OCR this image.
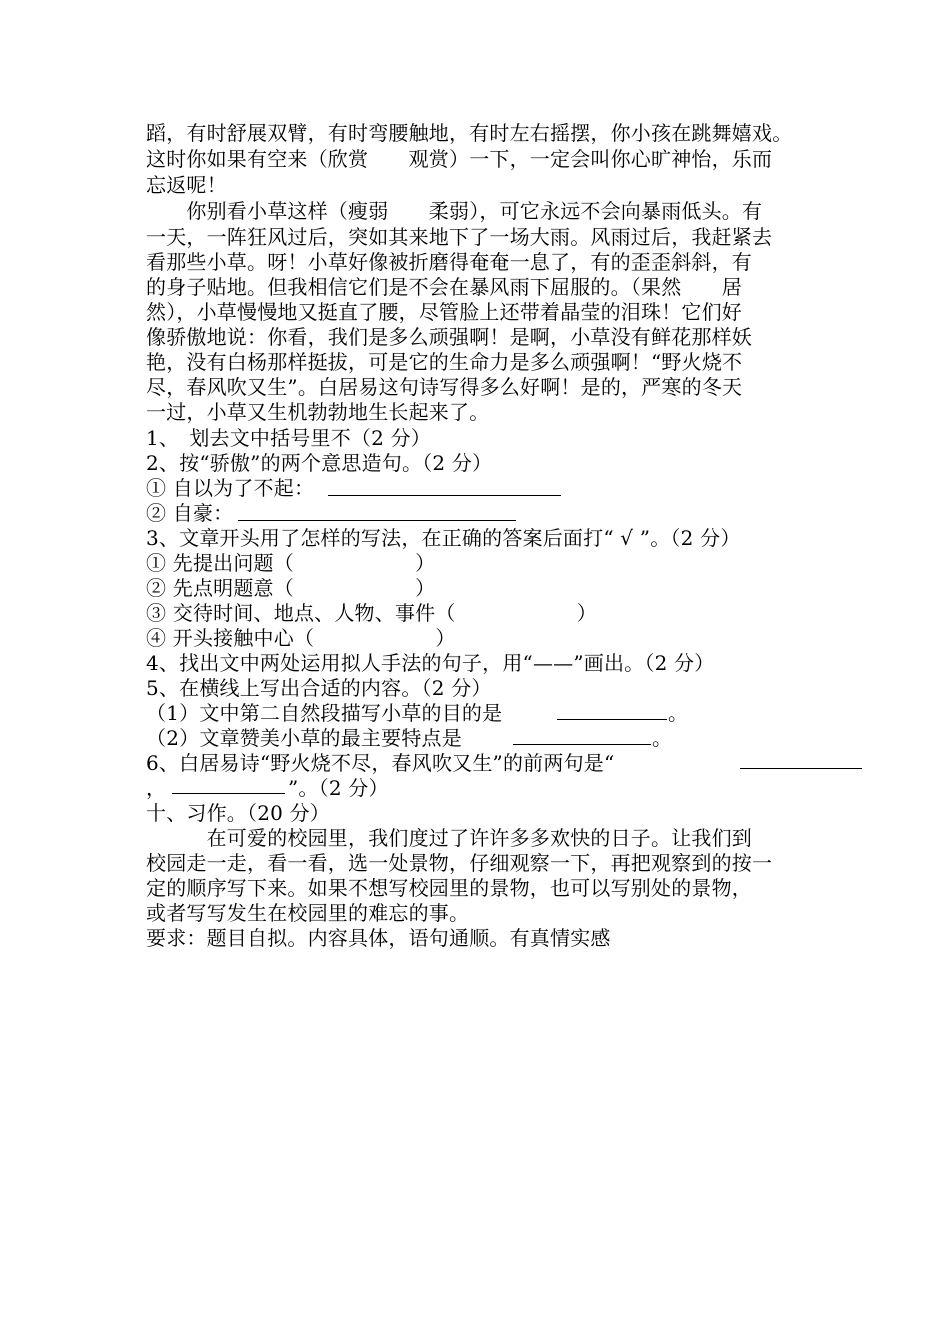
蹈，有时舒展双臂，有时弯腰触地，有时左右摇摆，你小孩在跳舞嬉戏。
这时你如果有空来（欣赏　　观赏）一下，一定会叫你心旷神怡，乐而
忘返呢！
　　你别看小草这样（瘦弱　　柔弱），可它永远不会向暴雨低头。有
一天，一阵狂风过后，突如其来地下了一场大雨。风雨过后，我赶紧去
看那些小草。呀！小草好像被折磨得奄奄一息了，有的歪歪斜斜，有
的身子贴地。但我相信它们是不会在暴风雨下屈服的。（果然　　居
然），小草慢慢地又挺直了腰，尽管脸上还带着晶莹的泪珠！它们好
像骄傲地说：你看，我们是多么顽强啊！是啊，小草没有鲜花那样妖
艳，没有白杨那样挺拔，可是它的生命力是多么顽强啊！“野火烧不
尽，春风吹又生”。白居易这句诗写得多么好啊！是的，严寒的冬天
一过，小草又生机勃勃地生长起来了。
1、　划去文中括号里不（2 分）
2、按“骄傲”的两个意思造句。（2 分）
① 自以为了不起：
② 自豪：
3、文章开头用了怎样的写法，在正确的答案后面打“ √ ”。（2 分）
① 先提出问题（　　　　　　）
② 先点明题意（　　　　　　）
③ 交待时间、地点、人物、事件（　　　　　　）
④ 开头接触中心（　　　　　　）
4、找出文中两处运用拟人手法的句子，用“——”画出。（2 分）
5、在横线上写出合适的内容。（2 分）
（1）文中第二自然段描写小草的目的是	。
（2）文章赞美小草的最主要特点是	。
6、白居易诗“野火烧不尽，春风吹又生”的前两句是“
，	”。（2 分）
十、习作。（20 分）
　　　在可爱的校园里，我们度过了许许多多欢快的日子。让我们到
校园走一走，看一看，选一处景物，仔细观察一下，再把观察到的按一
定的顺序写下来。如果不想写校园里的景物，也可以写别处的景物，
或者写写发生在校园里的难忘的事。
要求：题目自拟。内容具体，语句通顺。有真情实感
